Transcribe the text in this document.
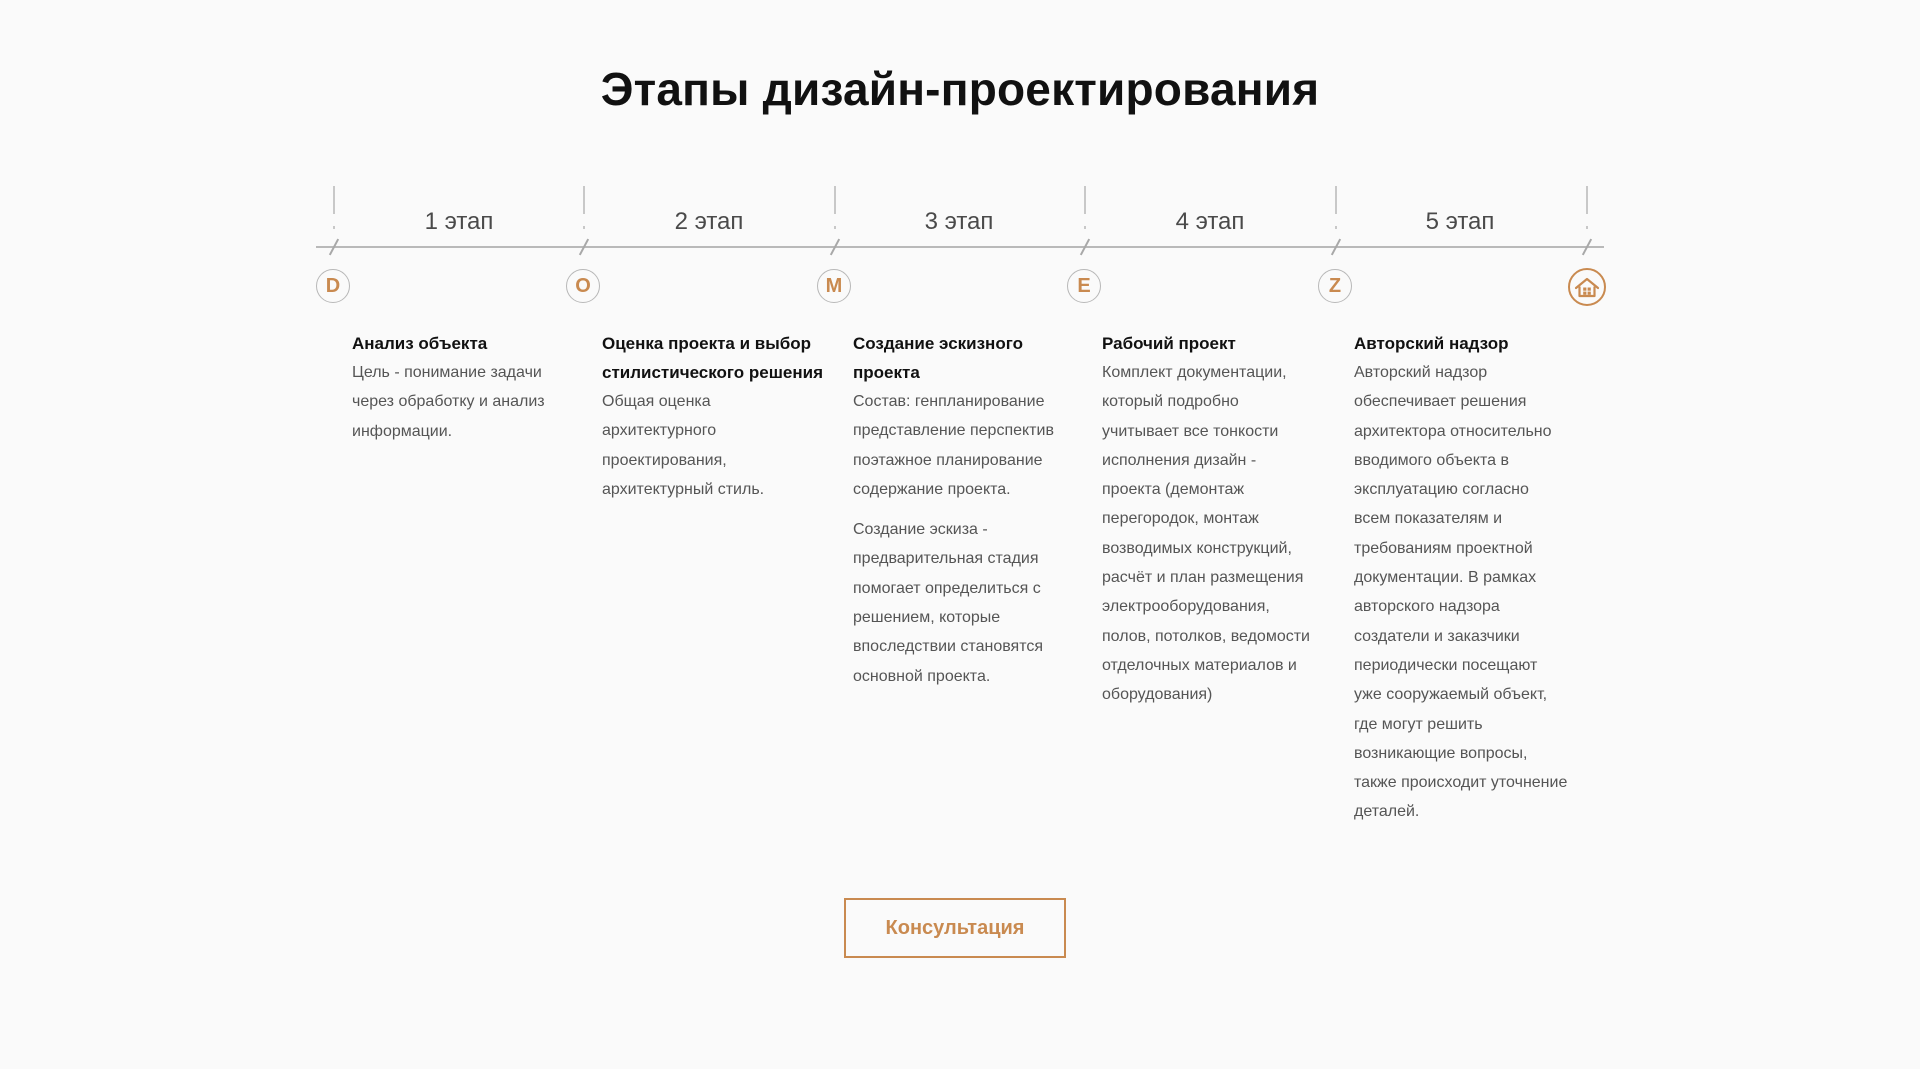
Этапы дизайн-проектирования
1 этап	2 этап	3 этап	4 этап	5 этап
D	O	M	E	Z

Анализ объекта

Цель - понимание задачи через обработку и анализ информации.

Оценка проекта и выбор стилистического решения

Общая оценка архитектурного проектирования, архитектурный стиль.

Создание эскизного проекта

Состав: генпланирование представление перспектив поэтажное планирование содержание проекта.

Создание эскиза - предварительная стадия помогает определиться с решением, которые впоследствии становятся основной проекта.

Рабочий проект

Комплект документации, который подробно учитывает все тонкости исполнения дизайн - проекта (демонтаж перегородок, монтаж возводимых конструкций, расчёт и план размещения электрооборудования, полов, потолков, ведомости отделочных материалов и оборудования)

Авторский надзор

Авторский надзор обеспечивает решения архитектора относительно вводимого объекта в эксплуатацию согласно всем показателям и требованиям проектной документации. В рамках авторского надзора создатели и заказчики периодически посещают уже сооружаемый объект, где могут решить возникающие вопросы, также происходит уточнение деталей.

Консультация
